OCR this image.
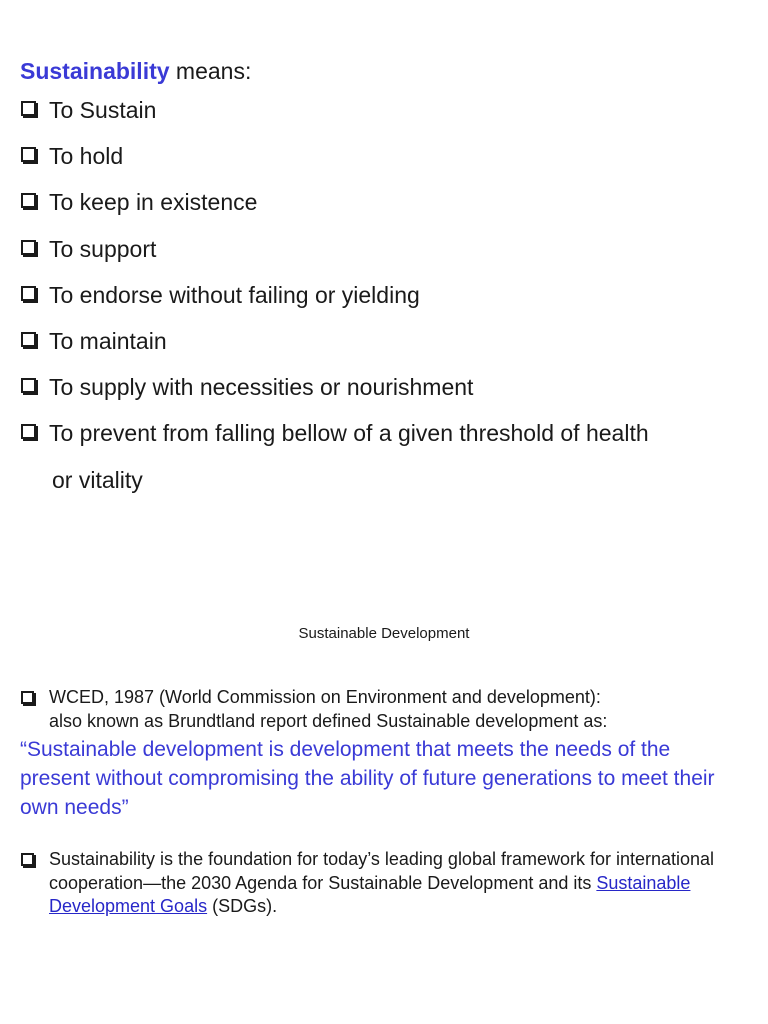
Sustainability means:

To Sustain
To hold
To keep in existence
To support
To endorse without failing or yielding
To maintain
To supply with necessities or nourishment
To prevent from falling bellow of a given threshold of health
or vitality

Sustainable Development

WCED, 1987 (World Commission on Environment and development):

also known as Brundtland report defined Sustainable development as:

“Sustainable development is development that meets the needs of the present without compromising the ability of future generations to meet their own needs”

Sustainability is the foundation for today’s leading global framework for international cooperation—the 2030 Agenda for Sustainable Development and its Sustainable Development Goals (SDGs).
